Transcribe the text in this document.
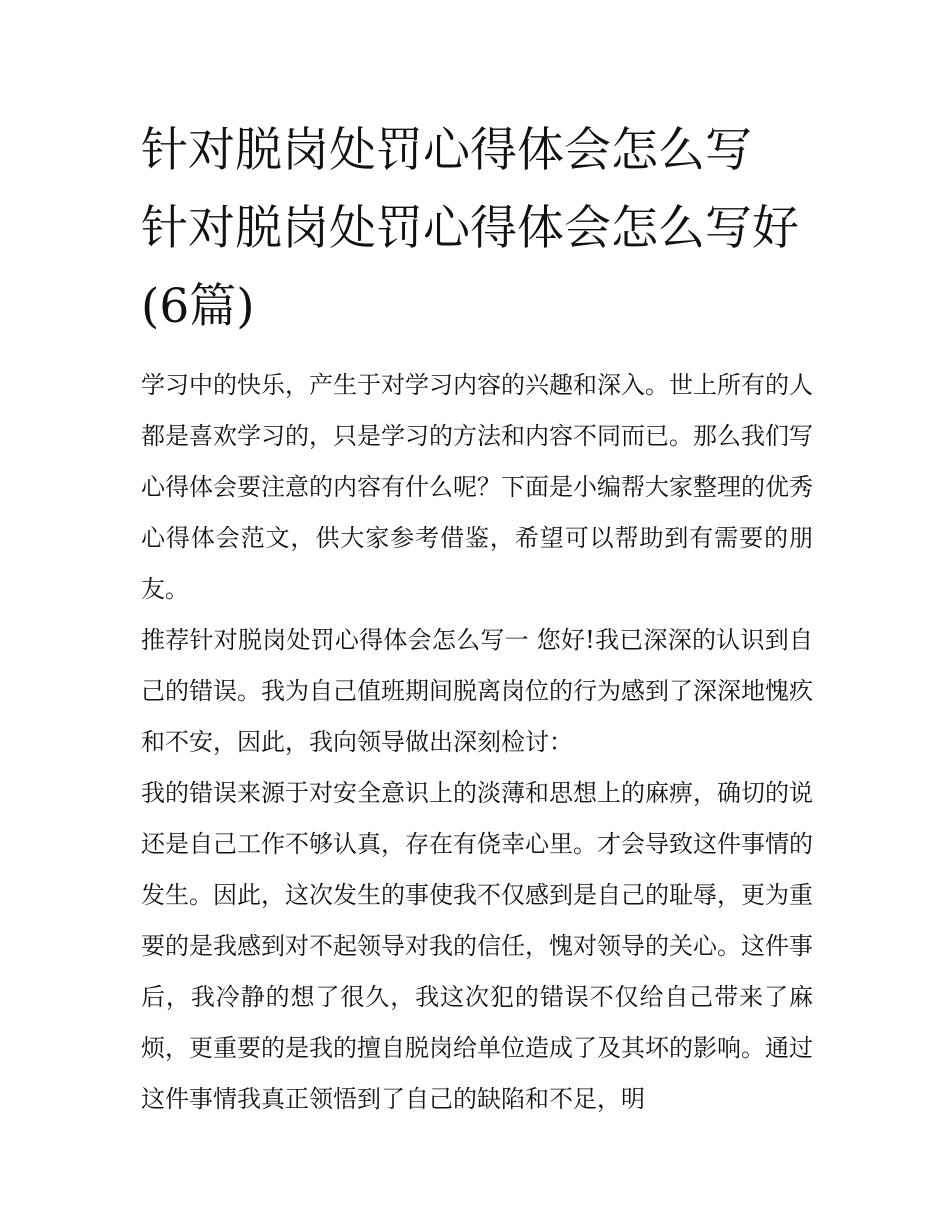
针对脱岗处罚心得体会怎么写 针对脱岗处罚心得体会怎么写好(6篇)

学习中的快乐，产生于对学习内容的兴趣和深入。世上所有的人都是喜欢学习的，只是学习的方法和内容不同而已。那么我们写心得体会要注意的内容有什么呢？下面是小编帮大家整理的优秀心得体会范文，供大家参考借鉴，希望可以帮助到有需要的朋友。

推荐针对脱岗处罚心得体会怎么写一 您好!我已深深的认识到自己的错误。我为自己值班期间脱离岗位的行为感到了深深地愧疚和不安，因此，我向领导做出深刻检讨：

我的错误来源于对安全意识上的淡薄和思想上的麻痹，确切的说还是自己工作不够认真，存在有侥幸心里。才会导致这件事情的发生。因此，这次发生的事使我不仅感到是自己的耻辱，更为重要的是我感到对不起领导对我的信任，愧对领导的关心。这件事后，我冷静的想了很久，我这次犯的错误不仅给自己带来了麻烦，更重要的是我的擅自脱岗给单位造成了及其坏的影响。通过这件事情我真正领悟到了自己的缺陷和不足，明
